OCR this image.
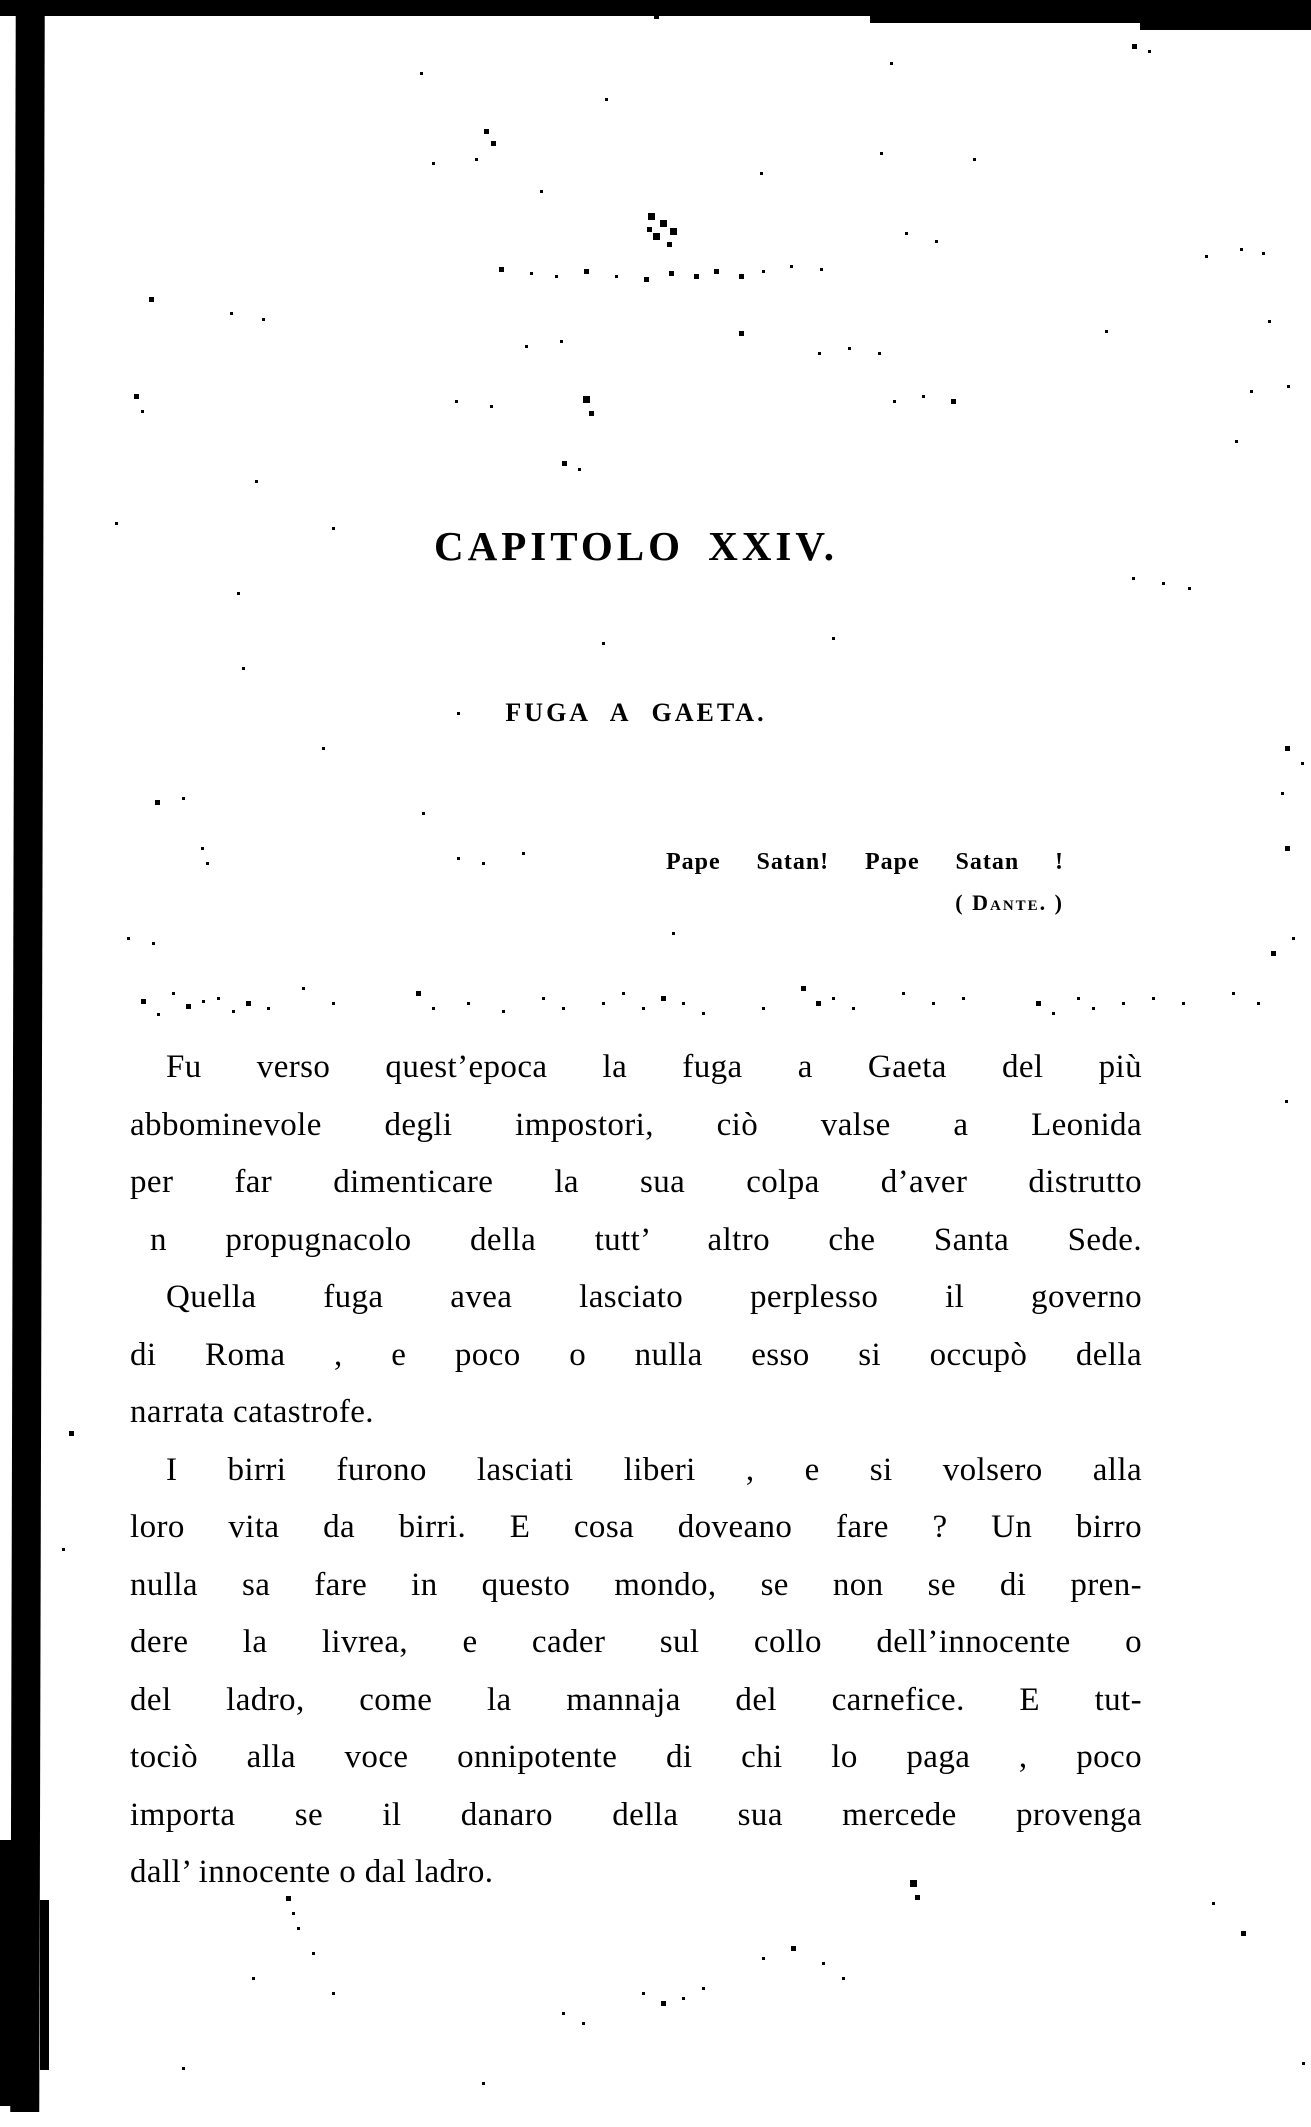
CAPITOLO XXIV.
FUGA A GAETA.
Pape Satan! Pape Satan !
( Dante. )
Fu verso quest’epoca la fuga a Gaeta del più
abbominevole degli impostori, ciò valse a Leonida
per far dimenticare la sua colpa d’aver distrutto
n propugnacolo della tutt’ altro che Santa Sede.
Quella fuga avea lasciato perplesso il governo
di Roma , e poco o nulla esso si occupò della
narrata catastrofe.
I birri furono lasciati liberi , e si volsero alla
loro vita da birri. E cosa doveano fare ? Un birro
nulla sa fare in questo mondo, se non se di pren-
dere la livrea, e cader sul collo dell’innocente o
del ladro, come la mannaja del carnefice. E tut-
tociò alla voce onnipotente di chi lo paga , poco
importa se il danaro della sua mercede provenga
dall’ innocente o dal ladro.
